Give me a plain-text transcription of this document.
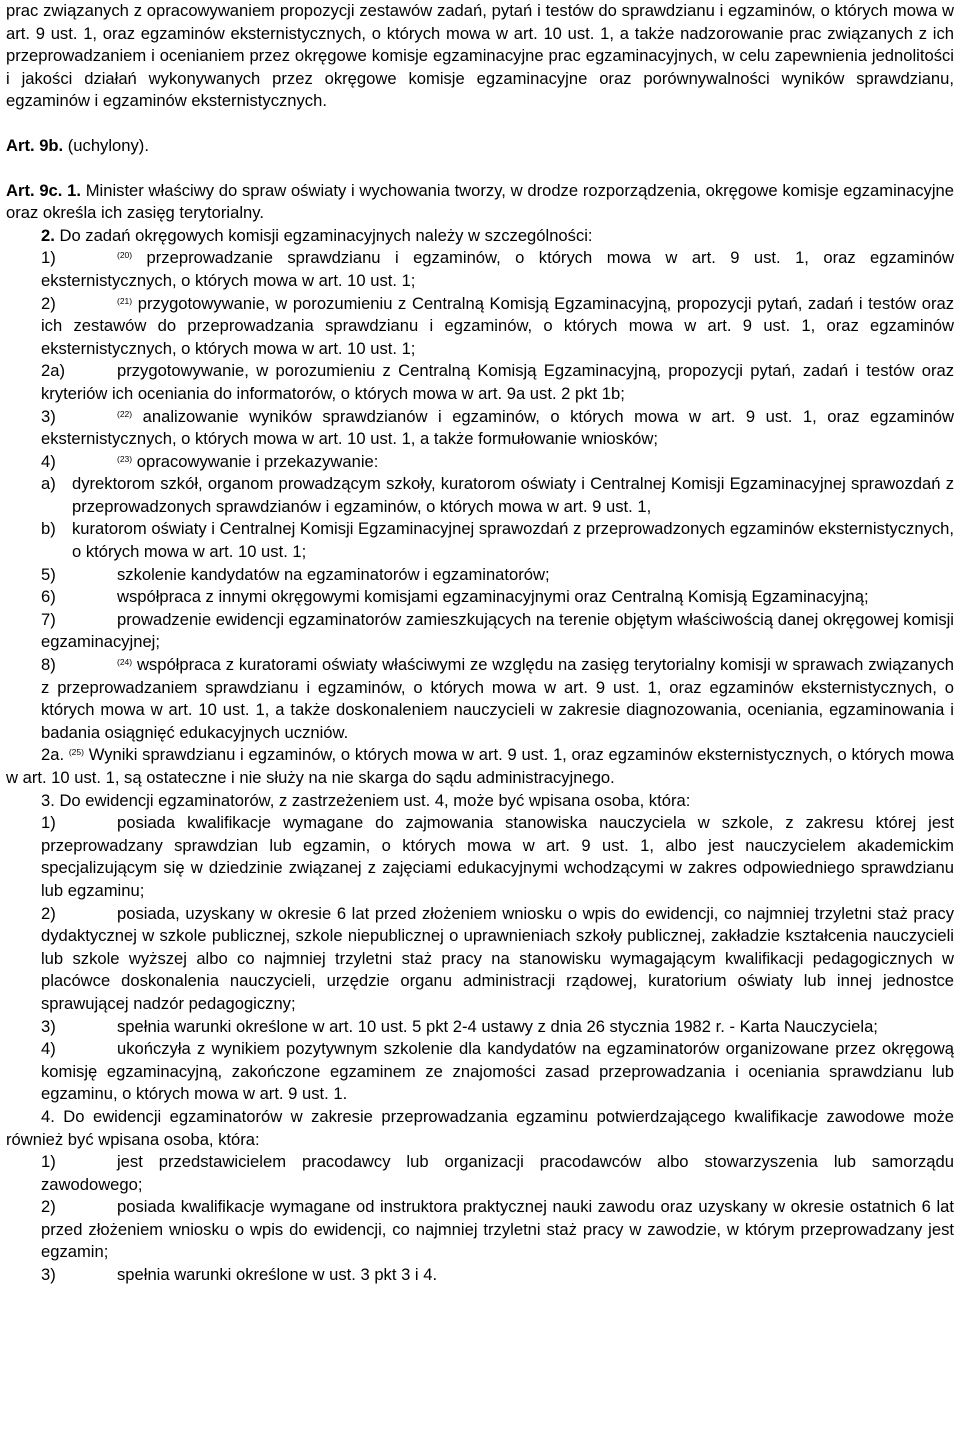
prac związanych z opracowywaniem propozycji zestawów zadań, pytań i testów do sprawdzianu i egzaminów, o których mowa w art. 9 ust. 1, oraz egzaminów eksternistycznych, o których mowa w art. 10 ust. 1, a także nadzorowanie prac związanych z ich przeprowadzaniem i ocenianiem przez okręgowe komisje egzaminacyjne prac egzaminacyjnych, w celu zapewnienia jednolitości i jakości działań wykonywanych przez okręgowe komisje egzaminacyjne oraz porównywalności wyników sprawdzianu, egzaminów i egzaminów eksternistycznych.

Art. 9b. (uchylony).

Art. 9c. 1. Minister właściwy do spraw oświaty i wychowania tworzy, w drodze rozporządzenia, okręgowe komisje egzaminacyjne oraz określa ich zasięg terytorialny.

2. Do zadań okręgowych komisji egzaminacyjnych należy w szczególności:

1)	$^{(20)}$ przeprowadzanie sprawdzianu i egzaminów, o których mowa w art. 9 ust. 1, oraz egzaminów eksternistycznych, o których mowa w art. 10 ust. 1;

2)	$^{(21)}$ przygotowywanie, w porozumieniu z Centralną Komisją Egzaminacyjną, propozycji pytań, zadań i testów oraz ich zestawów do przeprowadzania sprawdzianu i egzaminów, o których mowa w art. 9 ust. 1, oraz egzaminów eksternistycznych, o których mowa w art. 10 ust. 1;

2a)	przygotowywanie, w porozumieniu z Centralną Komisją Egzaminacyjną, propozycji pytań, zadań i testów oraz kryteriów ich oceniania do informatorów, o których mowa w art. 9a ust. 2 pkt 1b;

3)	$^{(22)}$ analizowanie wyników sprawdzianów i egzaminów, o których mowa w art. 9 ust. 1, oraz egzaminów eksternistycznych, o których mowa w art. 10 ust. 1, a także formułowanie wniosków;

4)	$^{(23)}$ opracowywanie i przekazywanie:

a) dyrektorom szkół, organom prowadzącym szkoły, kuratorom oświaty i Centralnej Komisji Egzaminacyjnej sprawozdań z przeprowadzonych sprawdzianów i egzaminów, o których mowa w art. 9 ust. 1,

b) kuratorom oświaty i Centralnej Komisji Egzaminacyjnej sprawozdań z przeprowadzonych egzaminów eksternistycznych, o których mowa w art. 10 ust. 1;

5)	szkolenie kandydatów na egzaminatorów i egzaminatorów;

6)	współpraca z innymi okręgowymi komisjami egzaminacyjnymi oraz Centralną Komisją Egzaminacyjną;

7)	prowadzenie ewidencji egzaminatorów zamieszkujących na terenie objętym właściwością danej okręgowej komisji egzaminacyjnej;

8)	$^{(24)}$ współpraca z kuratorami oświaty właściwymi ze względu na zasięg terytorialny komisji w sprawach związanych z przeprowadzaniem sprawdzianu i egzaminów, o których mowa w art. 9 ust. 1, oraz egzaminów eksternistycznych, o których mowa w art. 10 ust. 1, a także doskonaleniem nauczycieli w zakresie diagnozowania, oceniania, egzaminowania i badania osiągnięć edukacyjnych uczniów.

2a. $^{(25)}$ Wyniki sprawdzianu i egzaminów, o których mowa w art. 9 ust. 1, oraz egzaminów eksternistycznych, o których mowa w art. 10 ust. 1, są ostateczne i nie służy na nie skarga do sądu administracyjnego.

3. Do ewidencji egzaminatorów, z zastrzeżeniem ust. 4, może być wpisana osoba, która:

1)	posiada kwalifikacje wymagane do zajmowania stanowiska nauczyciela w szkole, z zakresu której jest przeprowadzany sprawdzian lub egzamin, o których mowa w art. 9 ust. 1, albo jest nauczycielem akademickim specjalizującym się w dziedzinie związanej z zajęciami edukacyjnymi wchodzącymi w zakres odpowiedniego sprawdzianu lub egzaminu;

2)	posiada, uzyskany w okresie 6 lat przed złożeniem wniosku o wpis do ewidencji, co najmniej trzyletni staż pracy dydaktycznej w szkole publicznej, szkole niepublicznej o uprawnieniach szkoły publicznej, zakładzie kształcenia nauczycieli lub szkole wyższej albo co najmniej trzyletni staż pracy na stanowisku wymagającym kwalifikacji pedagogicznych w placówce doskonalenia nauczycieli, urzędzie organu administracji rządowej, kuratorium oświaty lub innej jednostce sprawującej nadzór pedagogiczny;

3)	spełnia warunki określone w art. 10 ust. 5 pkt 2-4 ustawy z dnia 26 stycznia 1982 r. - Karta Nauczyciela;

4)	ukończyła z wynikiem pozytywnym szkolenie dla kandydatów na egzaminatorów organizowane przez okręgową komisję egzaminacyjną, zakończone egzaminem ze znajomości zasad przeprowadzania i oceniania sprawdzianu lub egzaminu, o których mowa w art. 9 ust. 1.

4. Do ewidencji egzaminatorów w zakresie przeprowadzania egzaminu potwierdzającego kwalifikacje zawodowe może również być wpisana osoba, która:

1)	jest przedstawicielem pracodawcy lub organizacji pracodawców albo stowarzyszenia lub samorządu zawodowego;

2)	posiada kwalifikacje wymagane od instruktora praktycznej nauki zawodu oraz uzyskany w okresie ostatnich 6 lat przed złożeniem wniosku o wpis do ewidencji, co najmniej trzyletni staż pracy w zawodzie, w którym przeprowadzany jest egzamin;

3)	spełnia warunki określone w ust. 3 pkt 3 i 4.
